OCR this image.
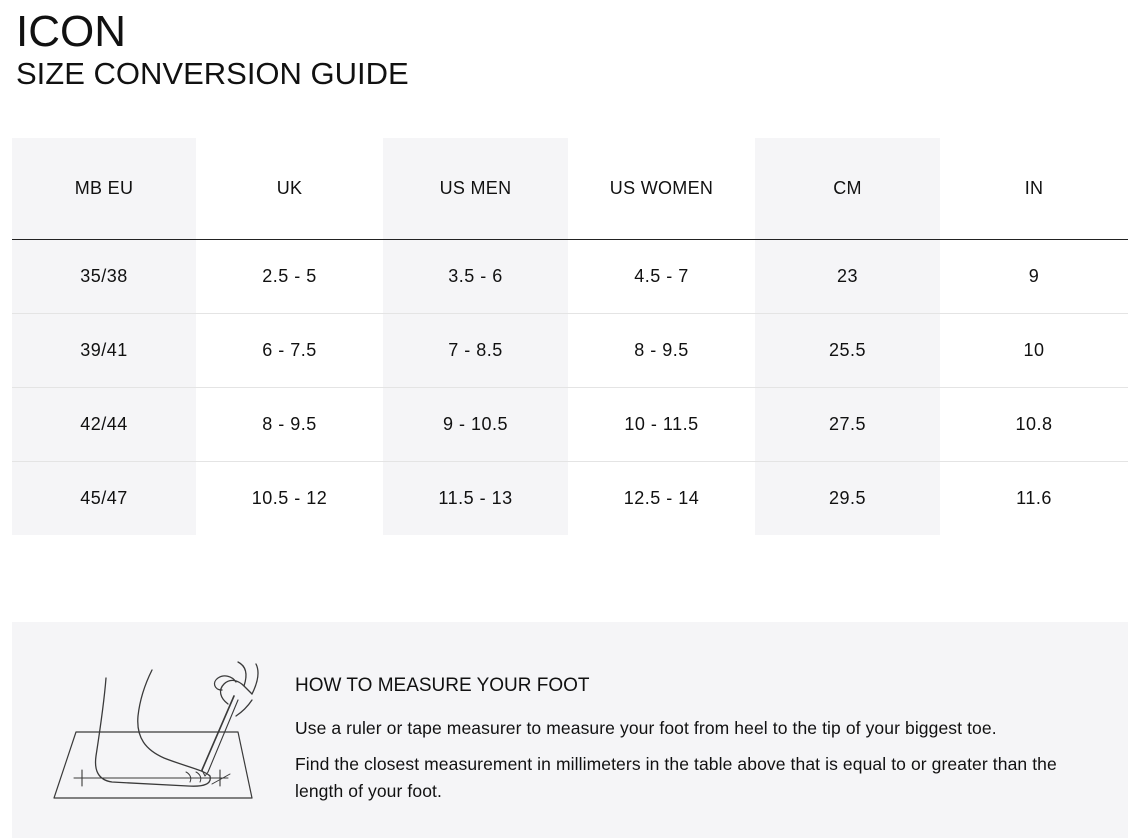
ICON
SIZE CONVERSION GUIDE
MB EU	UK	US MEN	US WOMEN	CM	IN
35/38	2.5 - 5	3.5 - 6	4.5 - 7	23	9
39/41	6 - 7.5	7 - 8.5	8 - 9.5	25.5	10
42/44	8 - 9.5	9 - 10.5	10 - 11.5	27.5	10.8
45/47	10.5 - 12	11.5 - 13	12.5 - 14	29.5	11.6
HOW TO MEASURE YOUR FOOT

Use a ruler or tape measurer to measure your foot from heel to the tip of your biggest toe.

Find the closest measurement in millimeters in the table above that is equal to or greater than the length of your foot.
